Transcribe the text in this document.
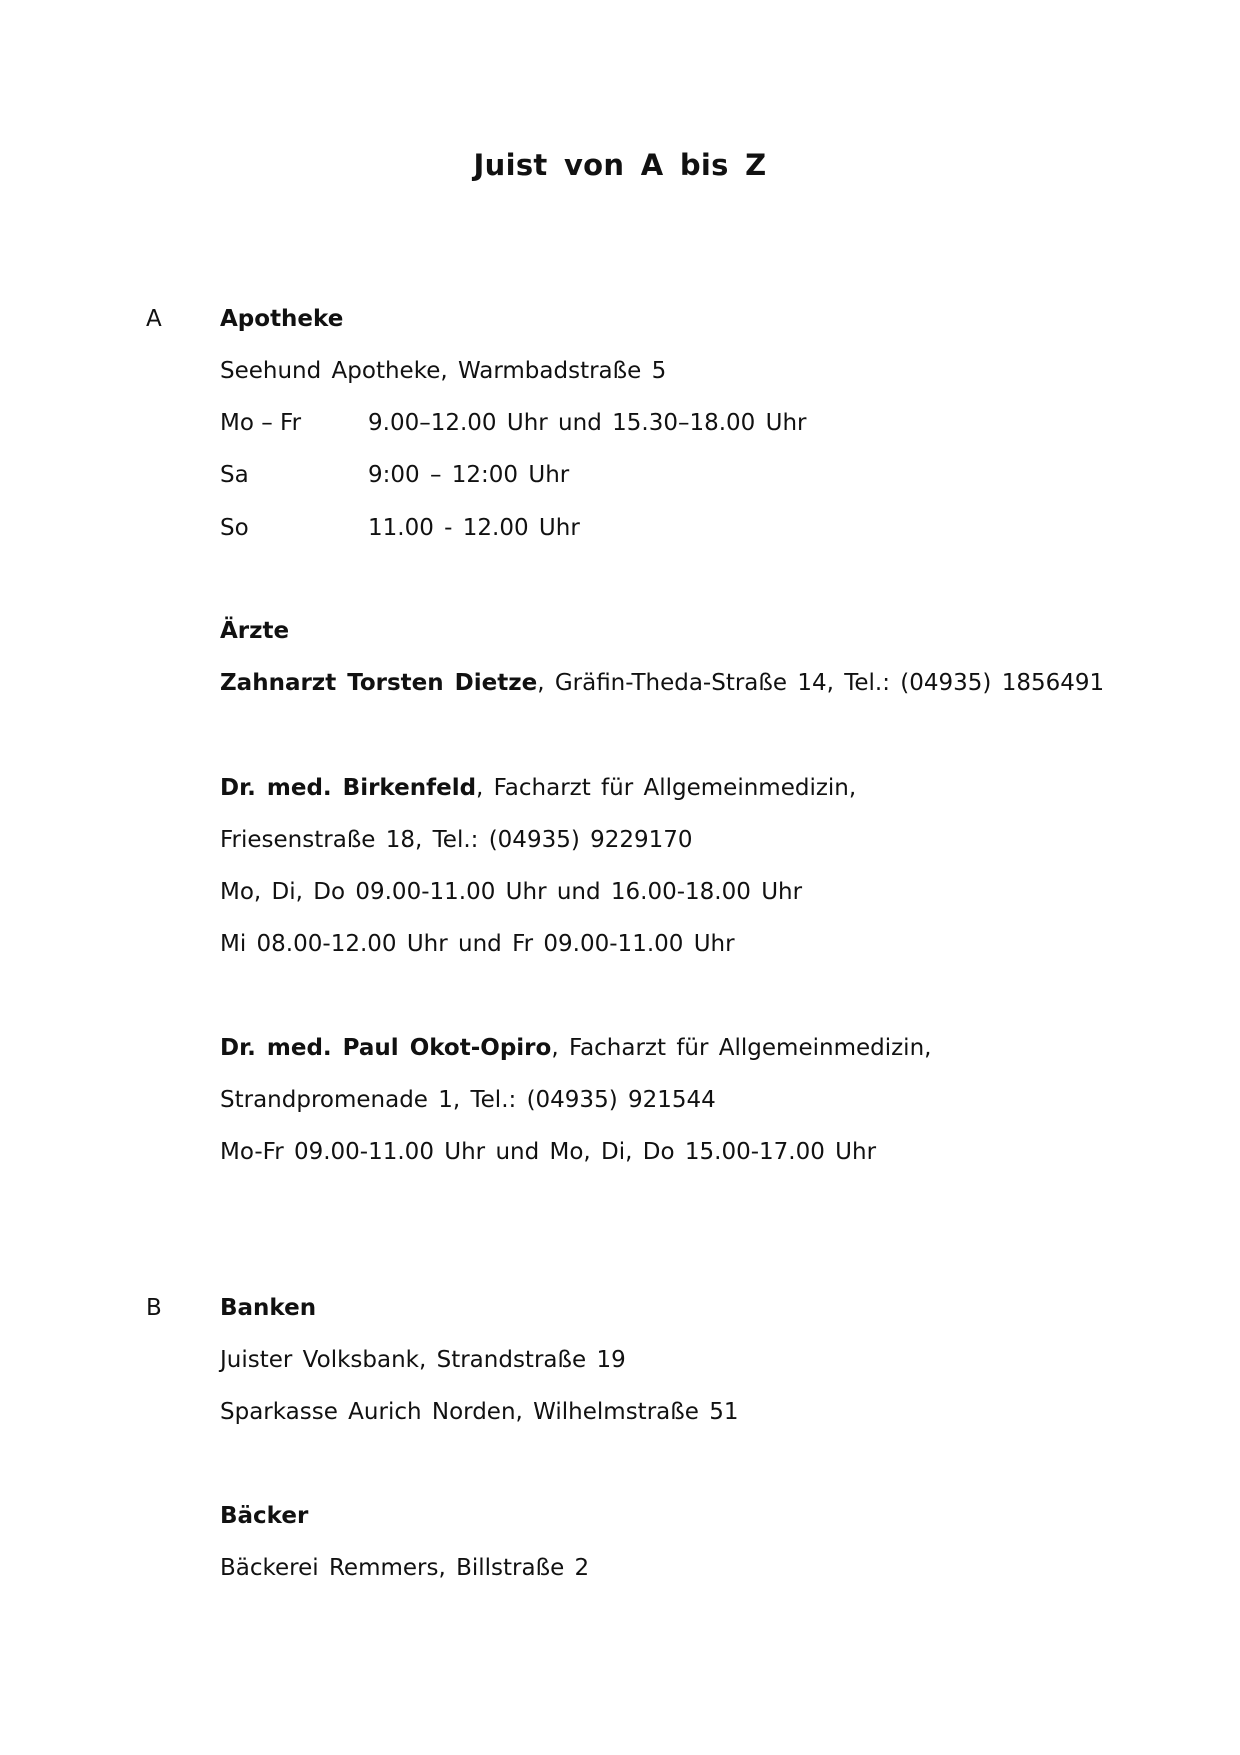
Juist von A bis Z
A	Apotheke
Seehund Apotheke, Warmbadstraße 5
Mo – Fr	9.00–12.00 Uhr und 15.30–18.00 Uhr
Sa	9:00 – 12:00 Uhr
So	11.00 - 12.00 Uhr
Ärzte
Zahnarzt Torsten Dietze, Gräfin-Theda-Straße 14, Tel.: (04935) 1856491
Dr. med. Birkenfeld, Facharzt für Allgemeinmedizin,
Friesenstraße 18, Tel.: (04935) 9229170
Mo, Di, Do 09.00-11.00 Uhr und 16.00-18.00 Uhr
Mi 08.00-12.00 Uhr und Fr 09.00-11.00 Uhr
Dr. med. Paul Okot-Opiro, Facharzt für Allgemeinmedizin,
Strandpromenade 1, Tel.: (04935) 921544
Mo-Fr 09.00-11.00 Uhr und Mo, Di, Do 15.00-17.00 Uhr
B	Banken
Juister Volksbank, Strandstraße 19
Sparkasse Aurich Norden, Wilhelmstraße 51
Bäcker
Bäckerei Remmers, Billstraße 2
